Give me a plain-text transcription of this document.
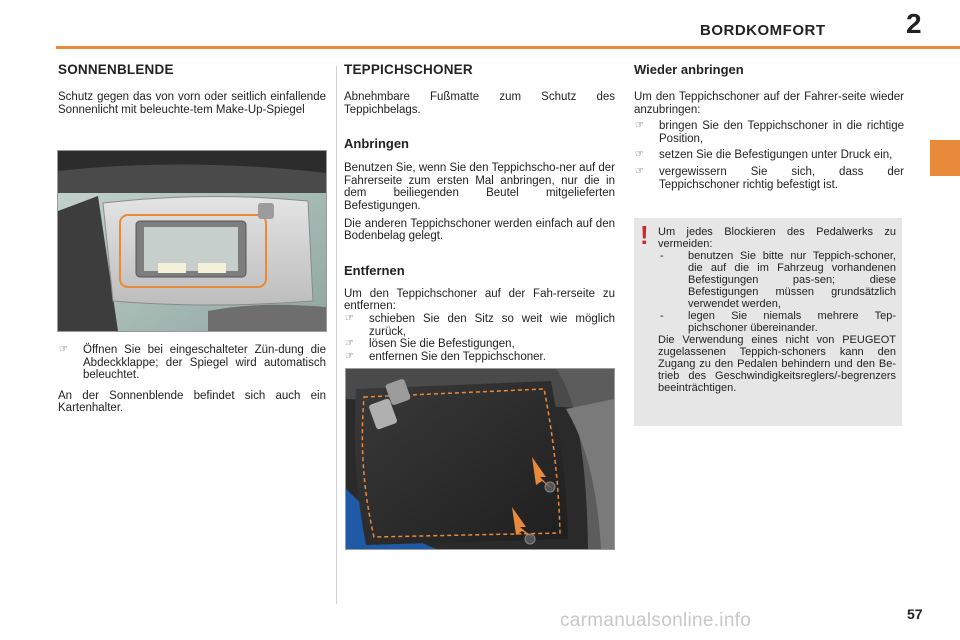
BORDKOMFORT	2
SONNENBLENDE

Schutz gegen das von vorn oder seitlich einfallende Sonnenlicht mit beleuchte-tem Make-Up-Spiegel

☞ Öffnen Sie bei eingeschalteter Zün-dung die Abdeckklappe; der Spiegel wird automatisch beleuchtet.

An der Sonnenblende befindet sich auch ein Kartenhalter.

TEPPICHSCHONER

Abnehmbare Fußmatte zum Schutz des Teppichbelags.

Anbringen

Benutzen Sie, wenn Sie den Teppichscho-ner auf der Fahrerseite zum ersten Mal anbringen, nur die in dem beiliegenden Beutel mitgelieferten Befestigungen.

Die anderen Teppichschoner werden einfach auf den Bodenbelag gelegt.

Entfernen

Um den Teppichschoner auf der Fah-rerseite zu entfernen:

☞ schieben Sie den Sitz so weit wie möglich zurück,

☞ lösen Sie die Befestigungen,

☞ entfernen Sie den Teppichschoner.

Wieder anbringen

Um den Teppichschoner auf der Fahrer-seite wieder anzubringen:

☞ bringen Sie den Teppichschoner in die richtige Position,

☞ setzen Sie die Befestigungen unter Druck ein,

☞ vergewissern Sie sich, dass der Teppichschoner richtig befestigt ist.

! Um jedes Blockieren des Pedalwerks zu vermeiden:

- benutzen Sie bitte nur Teppich-schoner, die auf die im Fahrzeug vorhandenen Befestigungen pas-sen; diese Befestigungen müssen grundsätzlich verwendet werden,

- legen Sie niemals mehrere Tep-pichschoner übereinander.

Die Verwendung eines nicht von PEUGEOT zugelassenen Teppich-schoners kann den Zugang zu den Pedalen behindern und den Be-trieb des Geschwindigkeitsreglers/-begrenzers beeinträchtigen.

carmanualsonline.info	57
